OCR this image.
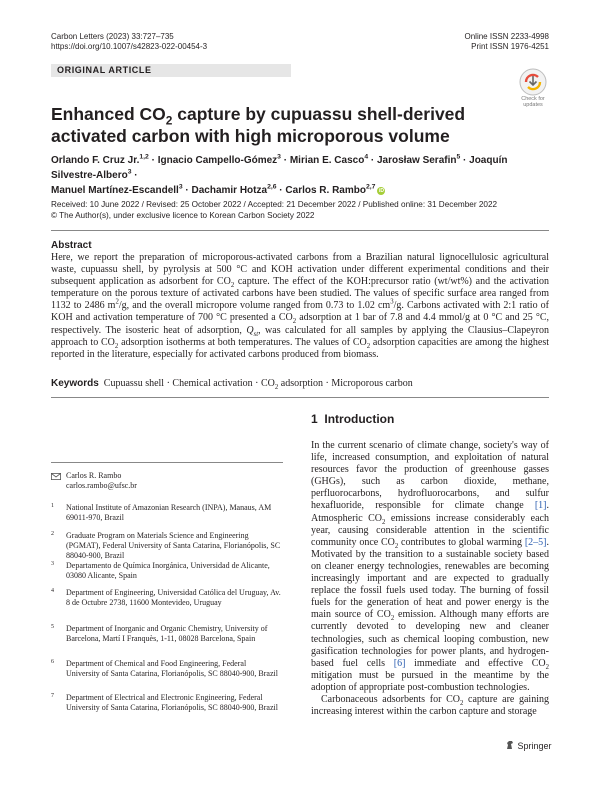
Carbon Letters (2023) 33:727–735
https://doi.org/10.1007/s42823-022-00454-3
Online ISSN 2233-4998
Print ISSN 1976-4251
ORIGINAL ARTICLE
Check for updates
Enhanced $CO_2$ capture by cupuassu shell-derived activated carbon with high microporous volume
Orlando F. Cruz Jr.$^{1,2}$ · Ignacio Campello-Gómez$^3$ · Mirian E. Casco$^4$ · Jarosław Serafin$^5$ · Joaquín Silvestre-Albero$^3$ ·
Manuel Martínez-Escandell$^3$ · Dachamir Hotza$^{2,6}$ · Carlos R. Rambo$^{2,7}$iD
Received: 10 June 2022 / Revised: 25 October 2022 / Accepted: 21 December 2022 / Published online: 31 December 2022
© The Author(s), under exclusive licence to Korean Carbon Society 2022
Abstract
Here, we report the preparation of microporous-activated carbons from a Brazilian natural lignocellulosic agricultural waste, cupuassu shell, by pyrolysis at 500 °C and KOH activation under different experimental conditions and their subsequent application as adsorbent for $CO_2$ capture. The effect of the KOH:precursor ratio (wt/wt%) and the activation temperature on the porous texture of activated carbons have been studied. The values of specific surface area ranged from 1132 to 2486 $m^2/g$, and the overall micropore volume ranged from 0.73 to 1.02 $cm^3/g$. Carbons activated with 2:1 ratio of KOH and activation temperature of 700 °C presented a $CO_2$ adsorption at 1 bar of 7.8 and 4.4 mmol/g at 0 °C and 25 °C, respectively. The isosteric heat of adsorption, $Q_{st}$, was calculated for all samples by applying the Clausius–Clapeyron approach to $CO_2$ adsorption isotherms at both temperatures. The values of $CO_2$ adsorption capacities are among the highest reported in the literature, especially for activated carbons produced from biomass.
Keywords Cupuassu shell · Chemical activation · $CO_2$ adsorption · Microporous carbon
1 Introduction

In the current scenario of climate change, society's way of life, increased consumption, and exploitation of natural resources favor the production of greenhouse gasses (GHGs), such as carbon dioxide, methane, perfluorocarbons, hydrofluorocarbons, and sulfur hexafluoride, responsible for climate change [1]. Atmospheric $CO_2$ emissions increase considerably each year, causing considerable attention in the scientific community once $CO_2$ contributes to global warming [2–5]. Motivated by the transition to a sustainable society based on cleaner energy technologies, renewables are becoming increasingly important and are expected to gradually replace the fossil fuels used today. The burning of fossil fuels for the generation of heat and power energy is the main source of $CO_2$ emission. Although many efforts are currently devoted to developing new and cleaner technologies, such as chemical looping combustion, new gasification technologies for power plants, and hydrogen-based fuel cells [6] immediate and effective $CO_2$ mitigation must be pursued in the meantime by the adoption of appropriate post-combustion technologies.

Carbonaceous adsorbents for $CO_2$ capture are gaining increasing interest within the carbon capture and storage

Carlos R. Rambo
carlos.rambo@ufsc.br
1 National Institute of Amazonian Research (INPA), Manaus, AM 69011-970, Brazil
2 Graduate Program on Materials Science and Engineering (PGMAT), Federal University of Santa Catarina, Florianópolis, SC 88040-900, Brazil
3 Departamento de Química Inorgánica, Universidad de Alicante, 03080 Alicante, Spain
4 Department of Engineering, Universidad Católica del Uruguay, Av. 8 de Octubre 2738, 11600 Montevideo, Uruguay
5 Department of Inorganic and Organic Chemistry, University of Barcelona, Martí I Franquès, 1-11, 08028 Barcelona, Spain
6 Department of Chemical and Food Engineering, Federal University of Santa Catarina, Florianópolis, SC 88040-900, Brazil
7 Department of Electrical and Electronic Engineering, Federal University of Santa Catarina, Florianópolis, SC 88040-900, Brazil
Springer
